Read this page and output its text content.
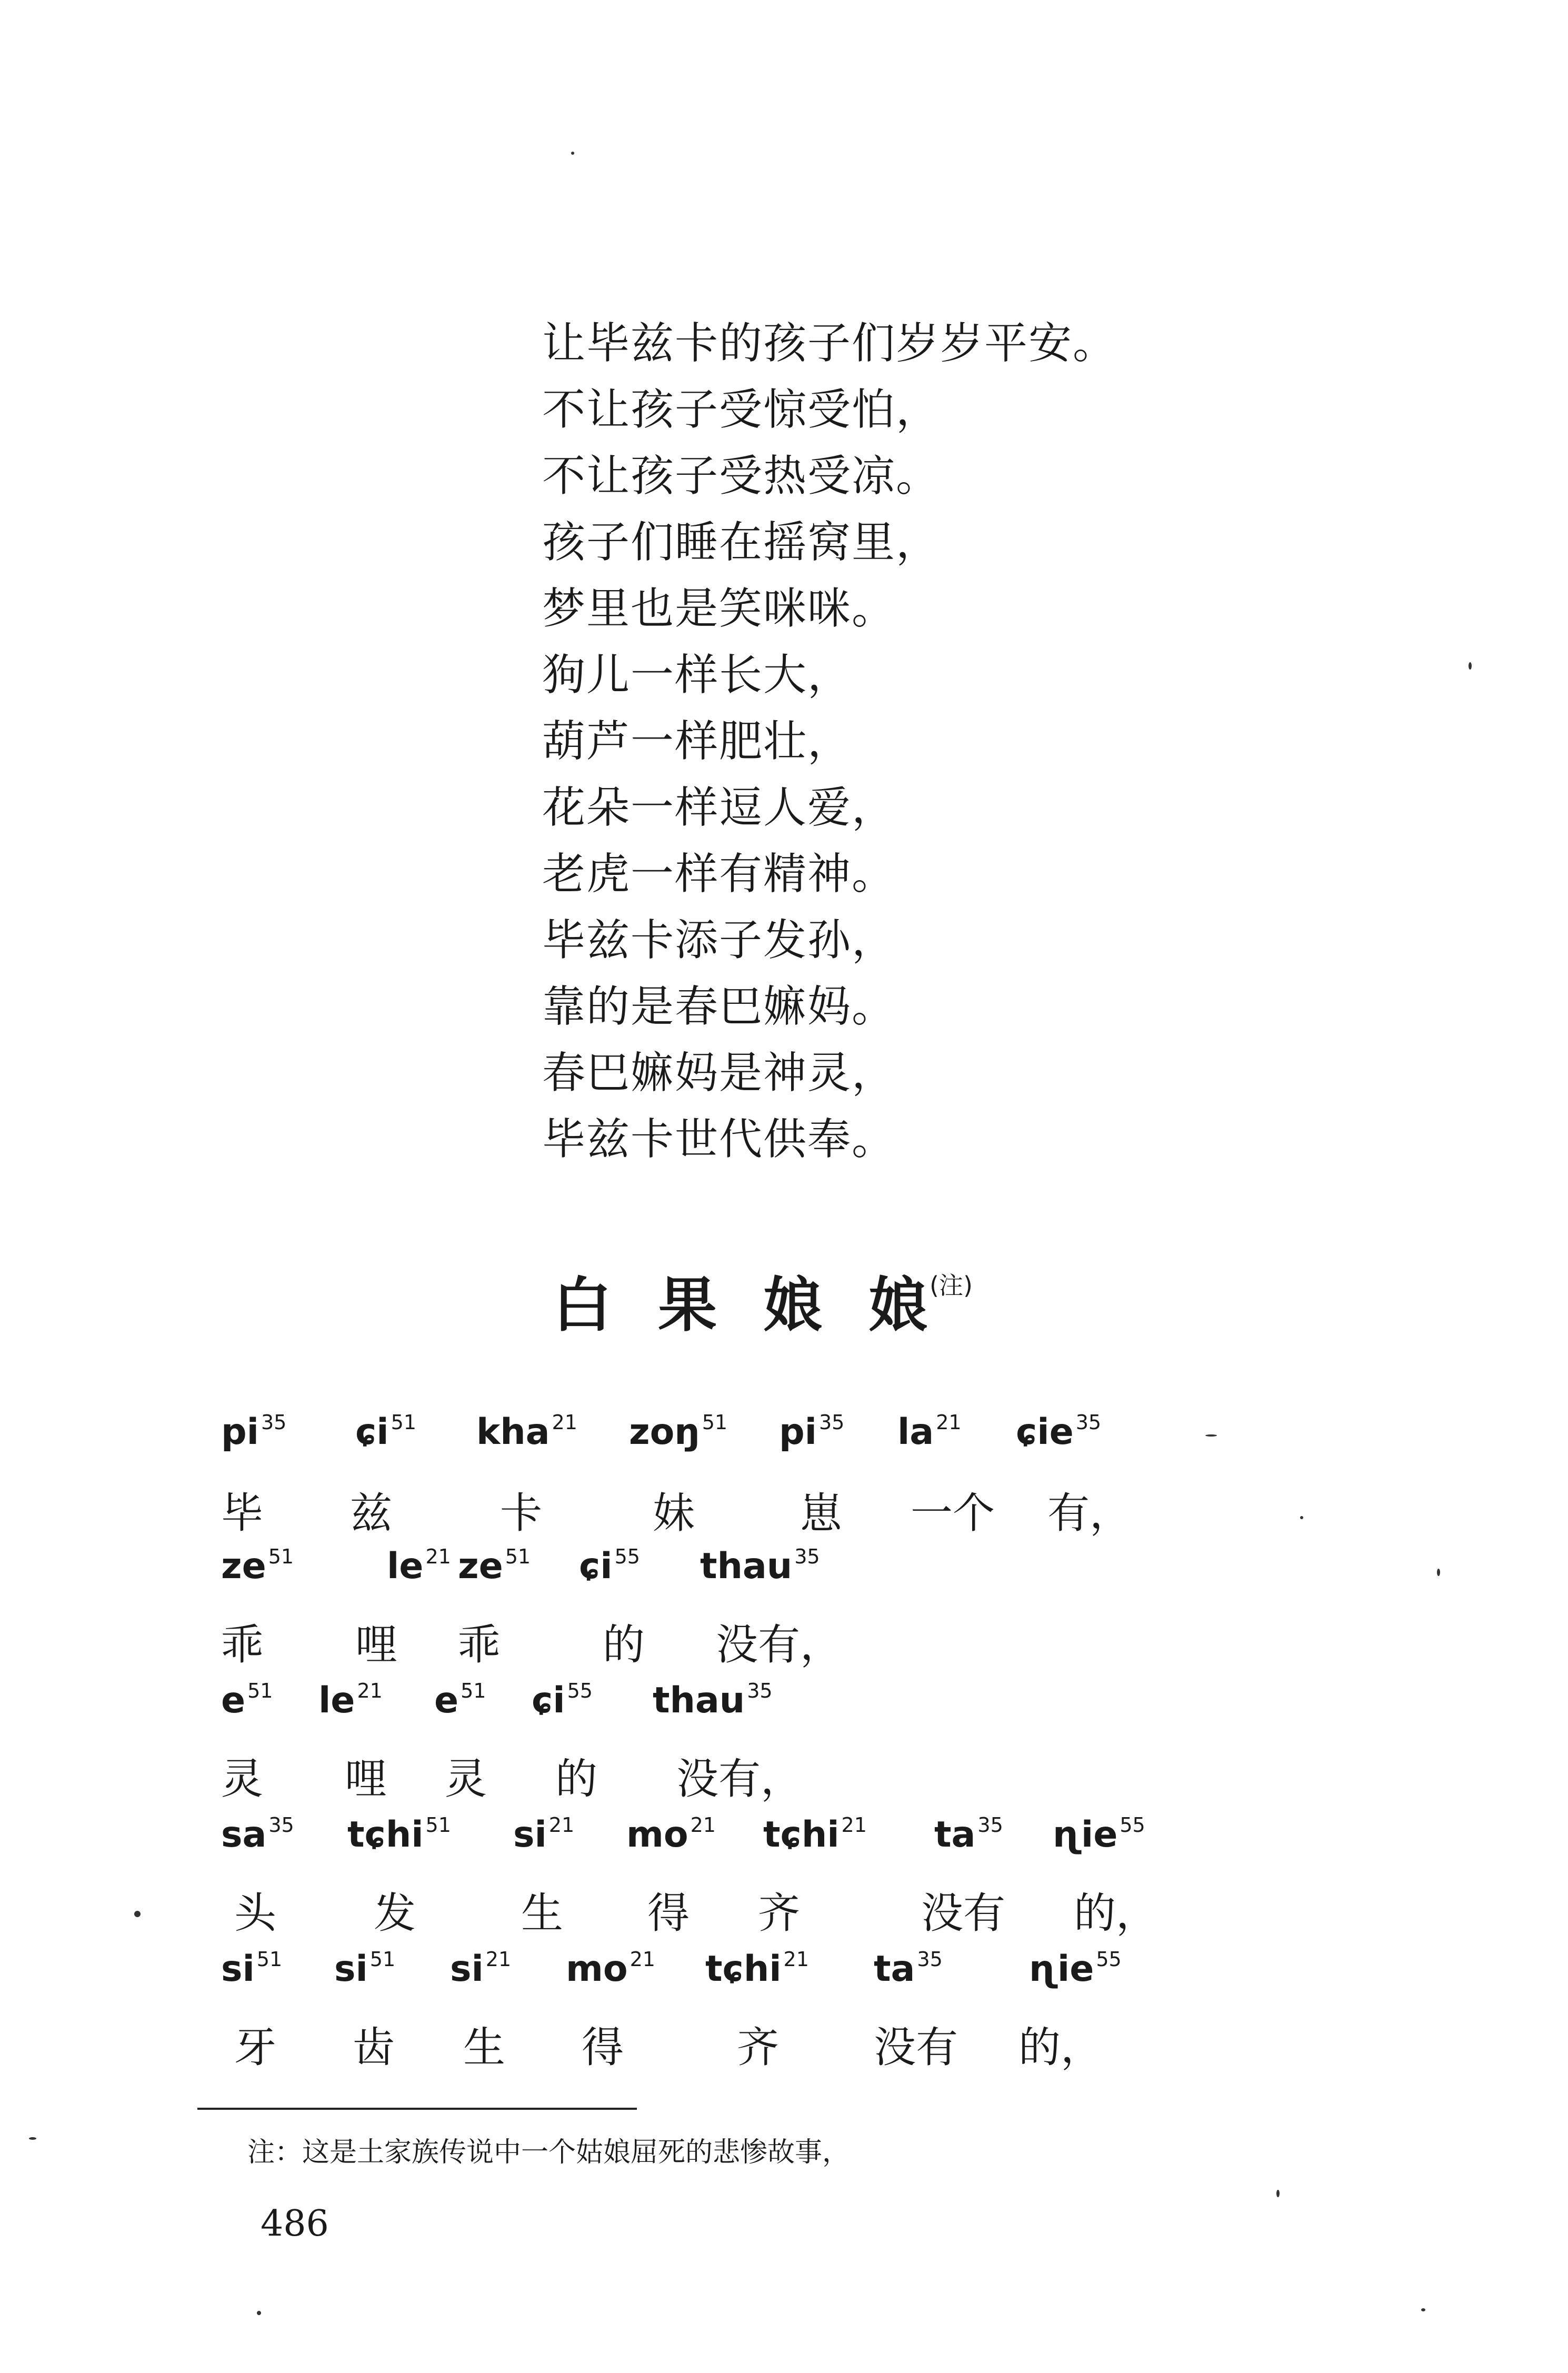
让毕兹卡的孩子们岁岁平安。
不让孩子受惊受怕，
不让孩子受热受凉。
孩子们睡在摇窝里，
梦里也是笑咪咪。
狗儿一样长大，
葫芦一样肥壮，
花朵一样逗人爱，
老虎一样有精神。
毕兹卡添子发孙，
靠的是春巴嫲妈。
春巴嫲妈是神灵，
毕兹卡世代供奉。
白 果 娘 娘$^{(注)}$
pi $^{35}$ ɕi $^{51}$ kha $^{21}$ zoŋ $^{51}$ pi $^{35}$ la $^{21}$ ɕie $^{35}$
毕 兹	卡	妹	崽 一个 有，
ze $^{51}$	le $^{21}$ ze $^{51}$ ɕi $^{55}$ thau $^{35}$
乖 哩 乖 的 没有，
e $^{51}$ le $^{21}$ e $^{51}$ ɕi $^{55}$ thau $^{35}$
灵 哩 灵 的 没有，
sa $^{35}$ tɕhi $^{51}$ si $^{21}$ mo $^{21}$ tɕhi $^{21}$ ta $^{35}$ ɳie $^{55}$
头 发	生 得 齐	没有 的，
si $^{51}$ si $^{51}$ si $^{21}$ mo $^{21}$ tɕhi $^{21}$ ta $^{35}$ ɳie $^{55}$
牙 齿 生 得	齐 没有 的，
注：这是土家族传说中一个姑娘屈死的悲惨故事，
486
